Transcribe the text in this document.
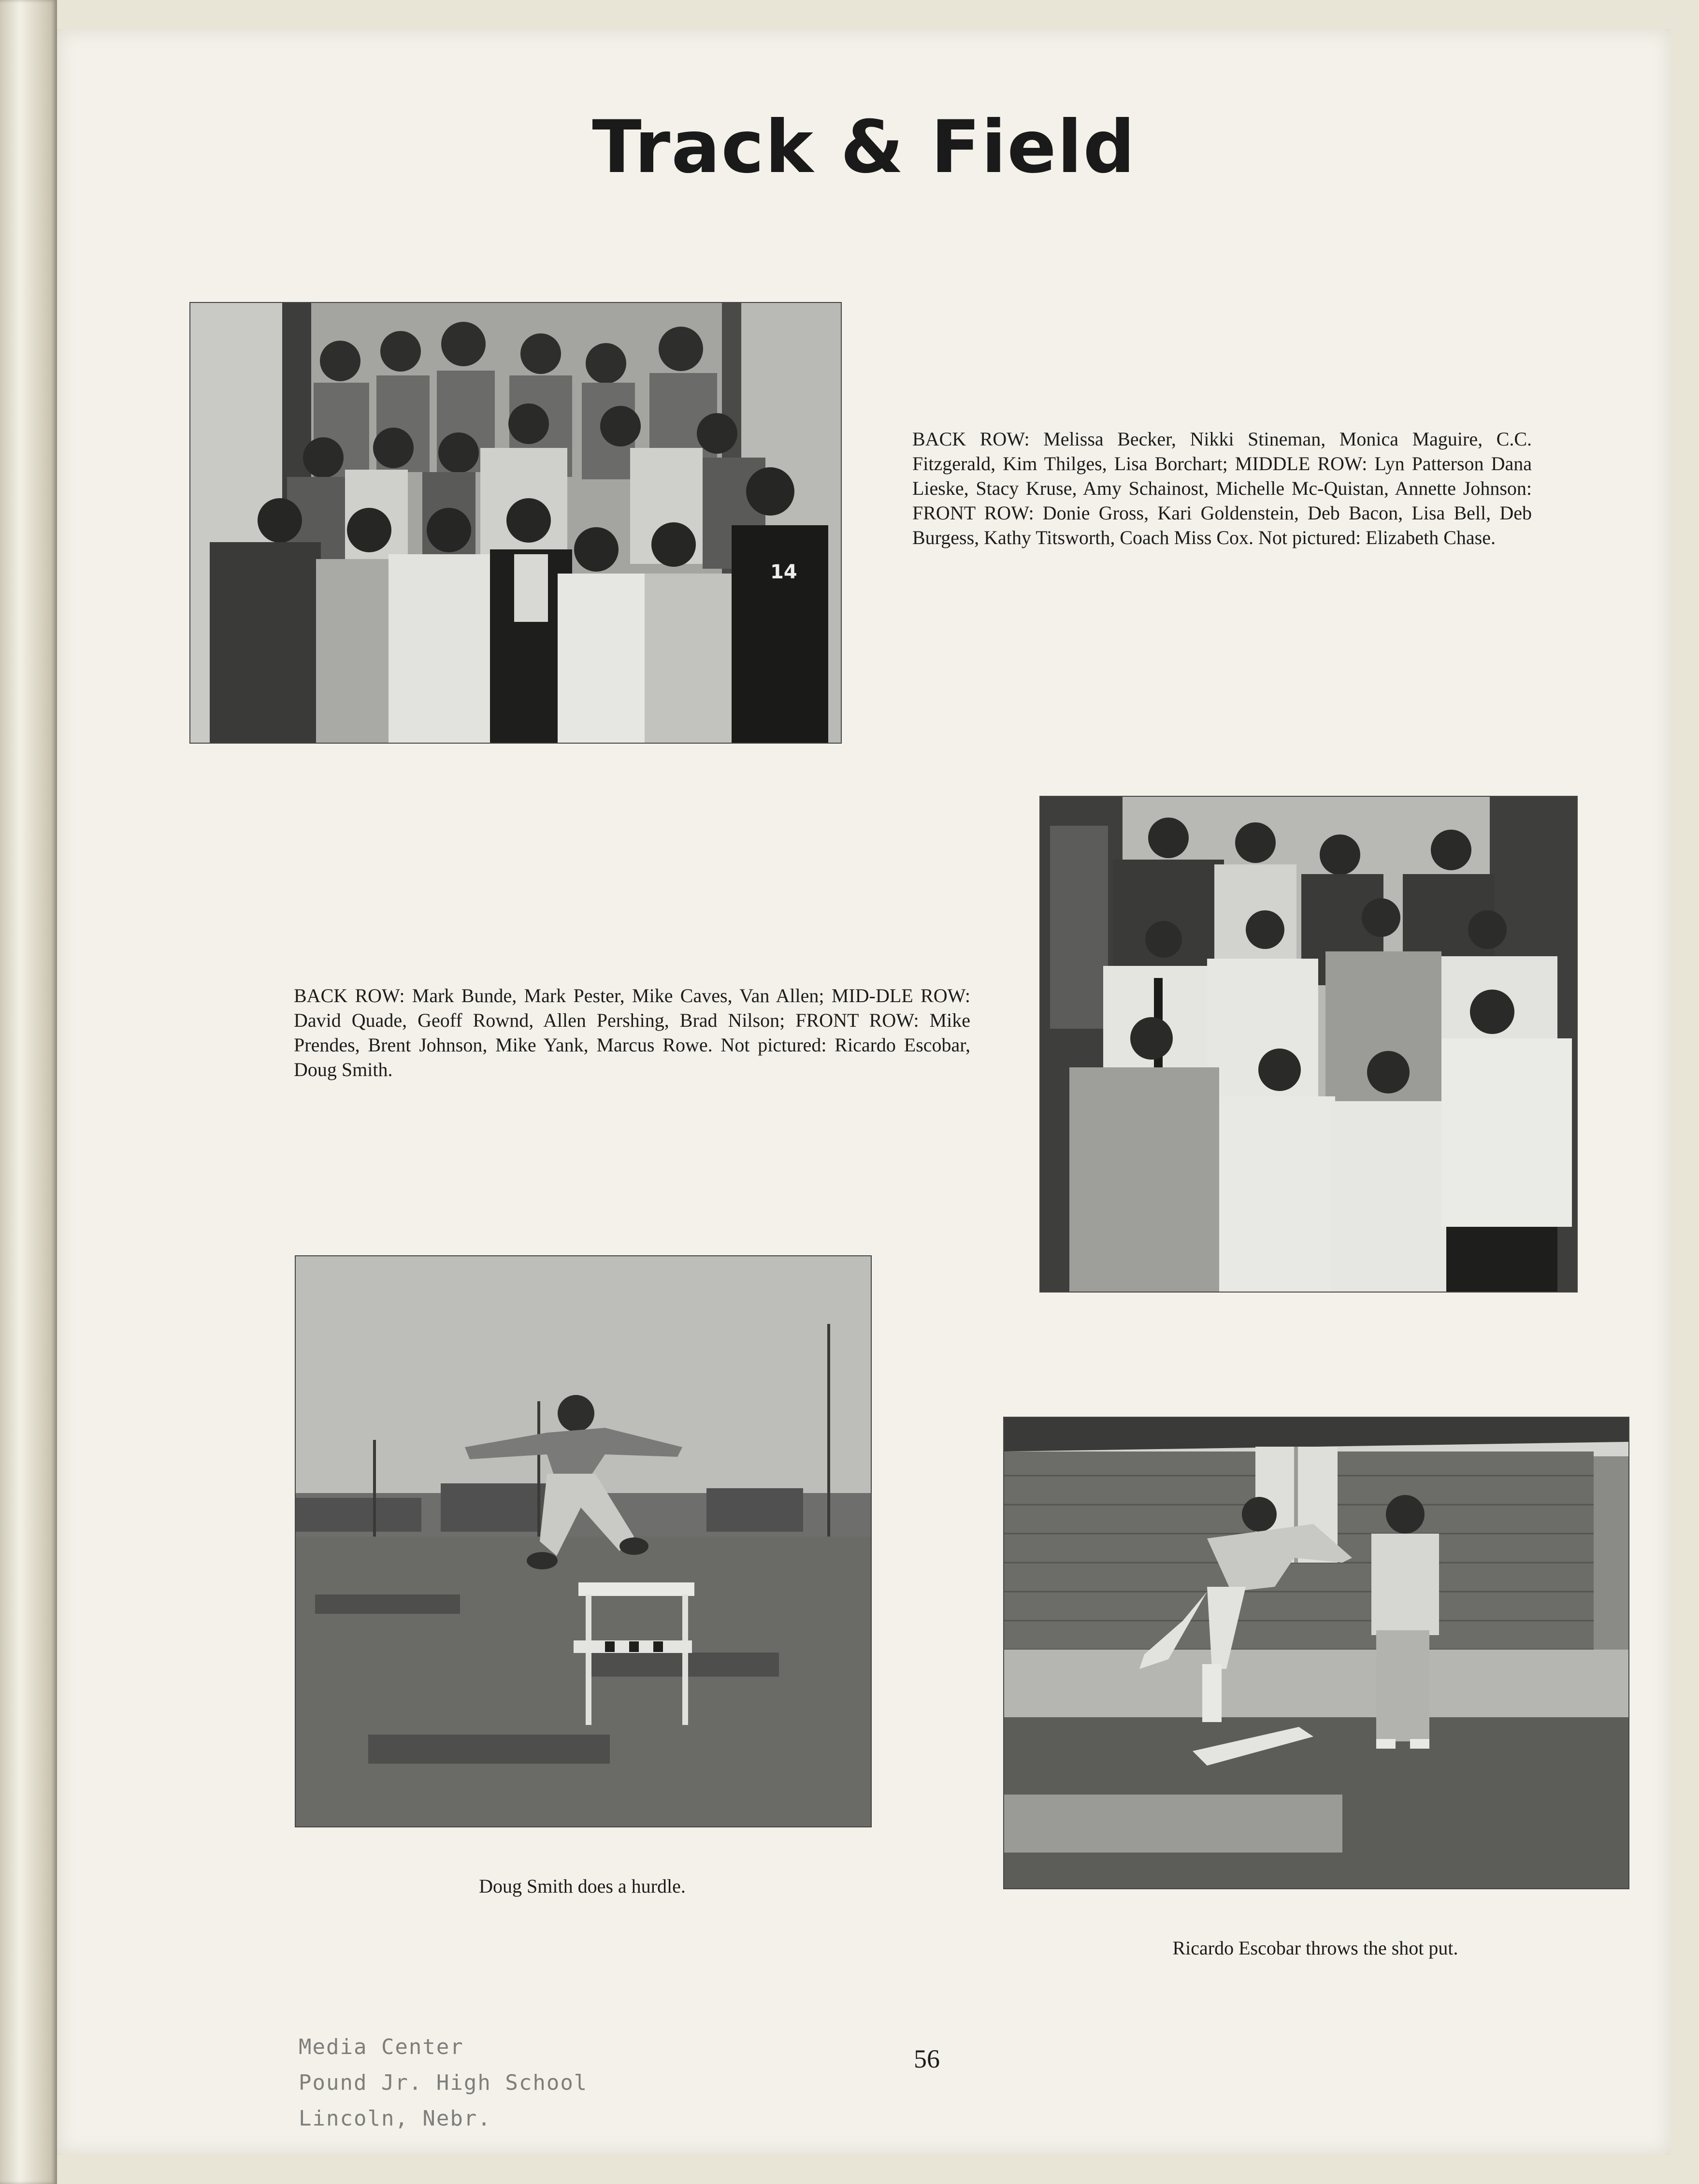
Track & Field
14
BACK ROW: Melissa Becker, Nikki Stineman, Monica Maguire, C.C. Fitzgerald, Kim Thilges, Lisa Borchart; MIDDLE ROW: Lyn Patterson Dana Lieske, Stacy Kruse, Amy Schainost, Michelle Mc-Quistan, Annette Johnson: FRONT ROW: Donie Gross, Kari Goldenstein, Deb Bacon, Lisa Bell, Deb Burgess, Kathy Titsworth, Coach Miss Cox. Not pictured: Elizabeth Chase.
BACK ROW: Mark Bunde, Mark Pester, Mike Caves, Van Allen; MID-DLE ROW: David Quade, Geoff Rownd, Allen Pershing, Brad Nilson; FRONT ROW: Mike Prendes, Brent Johnson, Mike Yank, Marcus Rowe. Not pictured: Ricardo Escobar, Doug Smith.
Doug Smith does a hurdle.
Ricardo Escobar throws the shot put.
56
Media Center
Pound Jr. High School
Lincoln, Nebr.
